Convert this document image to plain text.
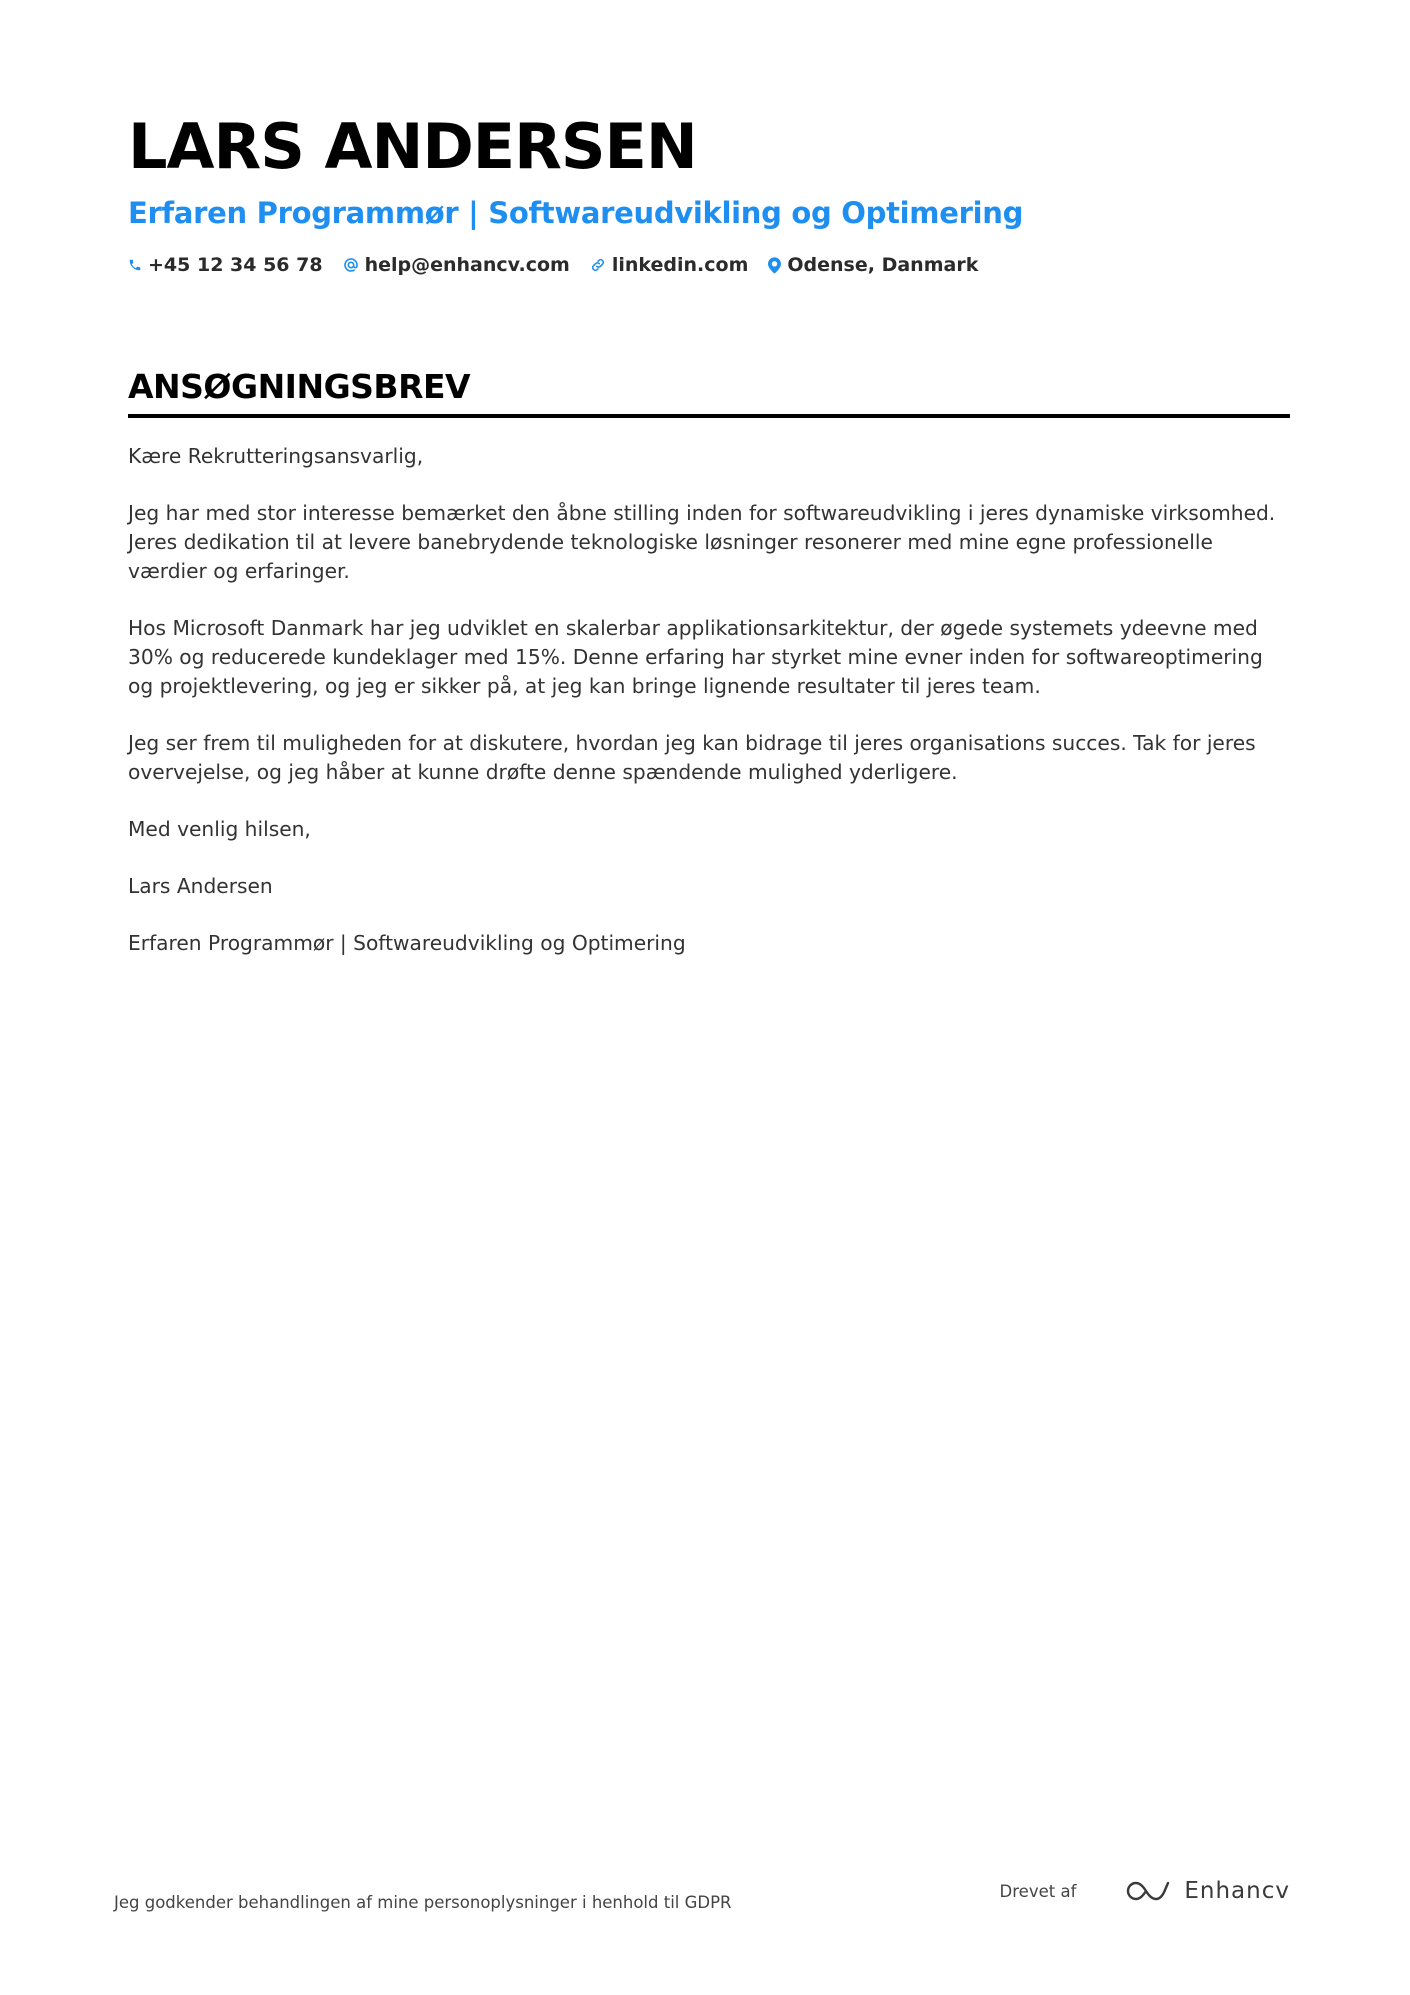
LARS ANDERSEN
Erfaren Programmør | Softwareudvikling og Optimering
+45 12 34 56 78 help@enhancv.com linkedin.com Odense, Danmark
ANSØGNINGSBREV

Kære Rekrutteringsansvarlig,

Jeg har med stor interesse bemærket den åbne stilling inden for softwareudvikling i jeres dynamiske virksomhed. Jeres dedikation til at levere banebrydende teknologiske løsninger resonerer med mine egne professionelle værdier og erfaringer.

Hos Microsoft Danmark har jeg udviklet en skalerbar applikationsarkitektur, der øgede systemets ydeevne med 30% og reducerede kundeklager med 15%. Denne erfaring har styrket mine evner inden for softwareoptimering og projektlevering, og jeg er sikker på, at jeg kan bringe lignende resultater til jeres team.

Jeg ser frem til muligheden for at diskutere, hvordan jeg kan bidrage til jeres organisations succes. Tak for jeres overvejelse, og jeg håber at kunne drøfte denne spændende mulighed yderligere.

Med venlig hilsen,

Lars Andersen

Erfaren Programmør | Softwareudvikling og Optimering

Jeg godkender behandlingen af mine personoplysninger i henhold til GDPR
Drevet af	Enhancv
